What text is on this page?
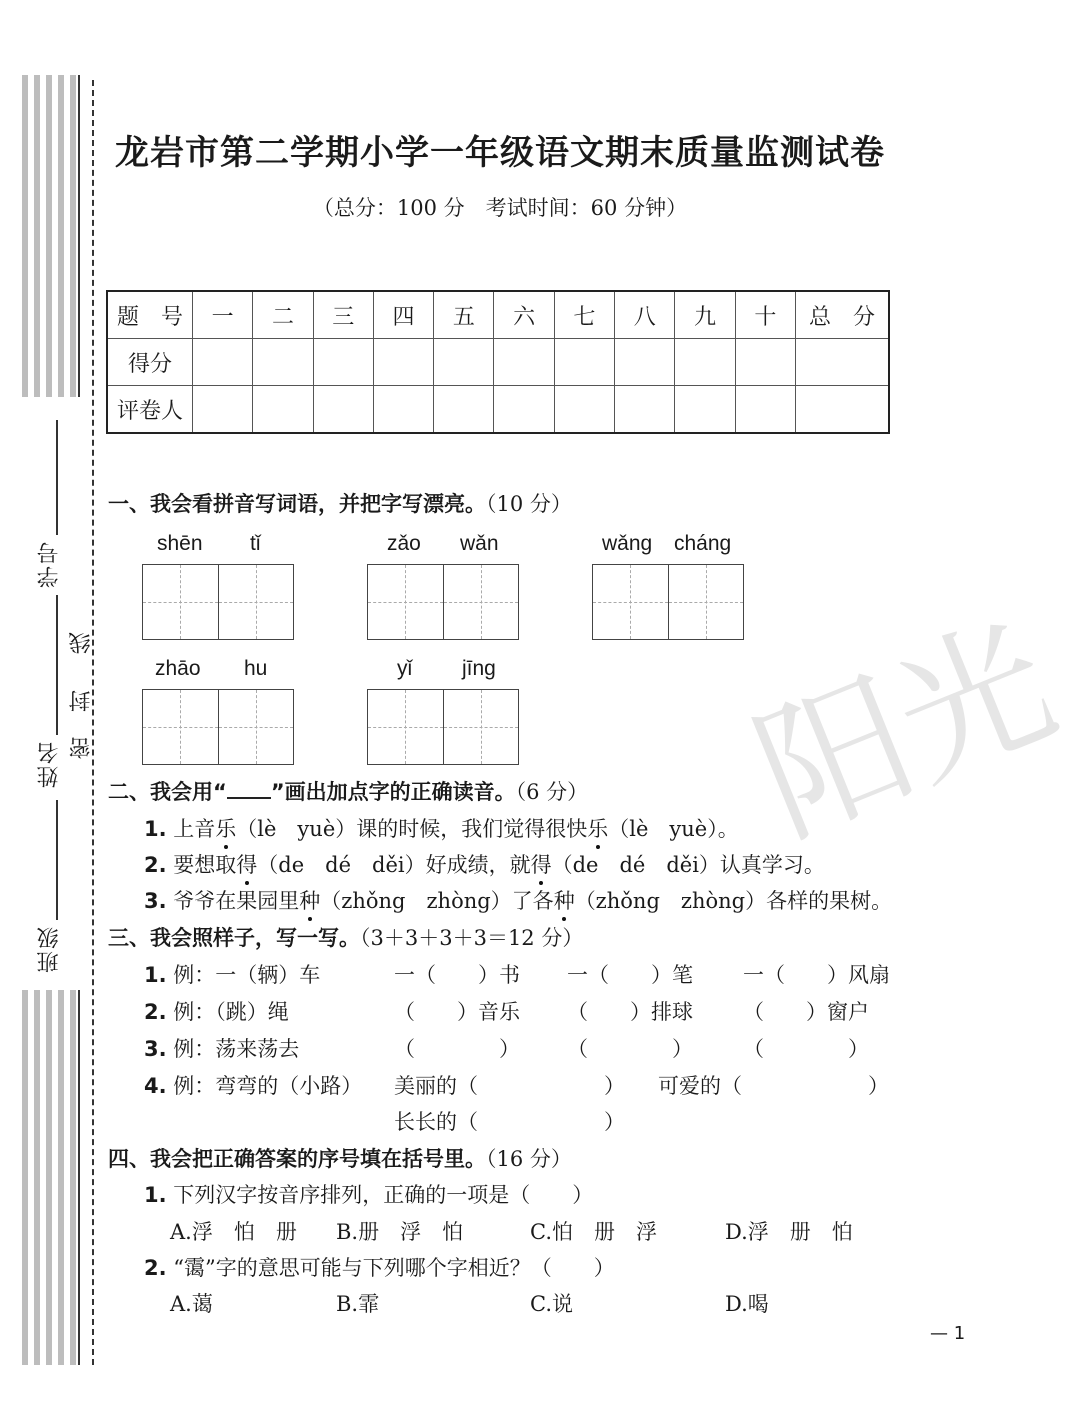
学号
姓名
班级
密
封
线	阳光
龙岩市第二学期小学一年级语文期末质量监测试卷
（总分：100 分　考试时间：60 分钟）
题　号	一	二	三	四	五	六	七	八	九	十	总　分
得分											
评卷人											
一、我会看拼音写词语，并把字写漂亮。（10 分）
shēn tǐ	zǎo wǎn	wǎng cháng
zhāo hu	yǐ jīng
二、我会用“ ”画出加点字的正确读音。（6 分）
1. 上音乐（lè　yuè）课的时候，我们觉得很快乐（lè　yuè）。
2. 要想取得（de　dé　děi）好成绩，就得（de　dé　děi）认真学习。
3. 爷爷在果园里种（zhǒng　zhòng）了各种（zhǒng　zhòng）各样的果树。
三、我会照样子，写一写。（3＋3＋3＋3＝12 分）
1. 例：一（辆）车	一（　　）书 一（　　）笔 一（　　）风扇
2. 例：（跳）绳	（　　）音乐 （　　）排球 （　　）窗户
3. 例：荡来荡去	（　　　　） （　　　　） （　　　　）
4. 例：弯弯的（小路） 美丽的（　　　　　　） 可爱的（　　　　　　）
长长的（　　　　　　）
四、我会把正确答案的序号填在括号里。（16 分）
1. 下列汉字按音序排列，正确的一项是（　　）
A.浮　怕　册 B.册　浮　怕	C.怕　册　浮	D.浮　册　怕
2. “霭”字的意思可能与下列哪个字相近？（　　）
A.蔼	B.霏	C.说	D.喝
— 1
